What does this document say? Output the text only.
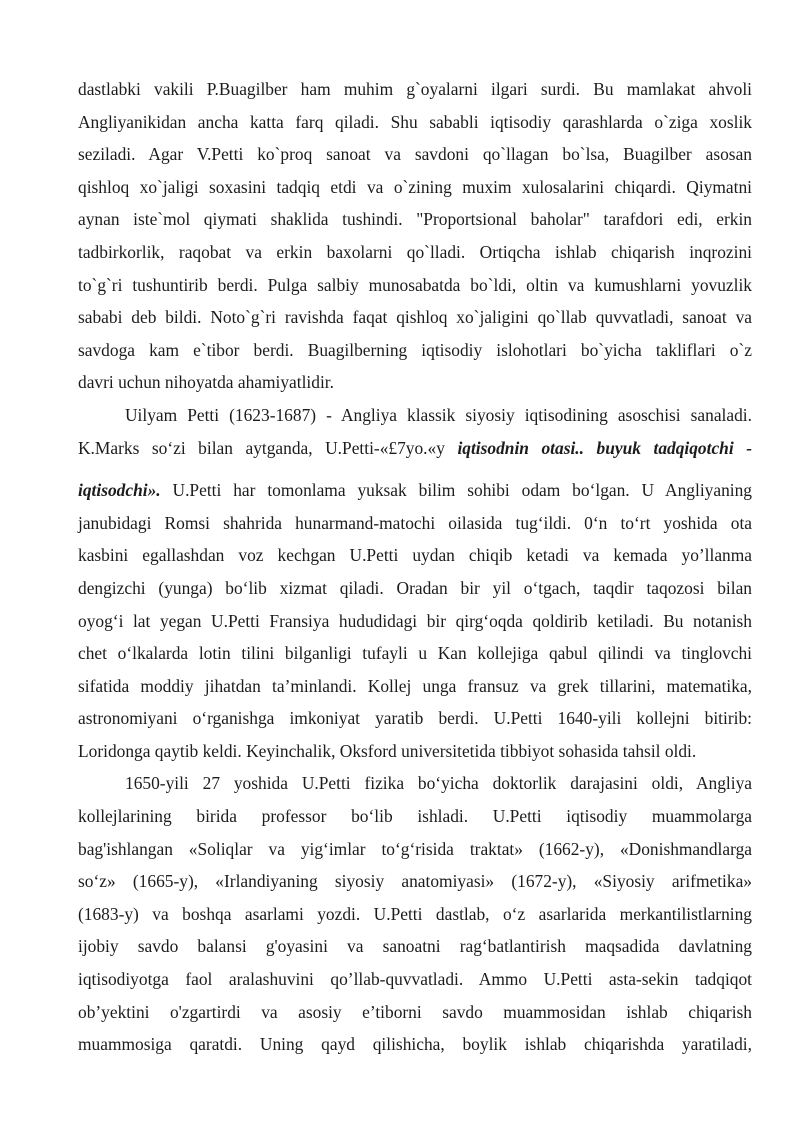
dastlabki vakili P.Buagilber ham muhim g`oyalarni ilgari surdi. Bu mamlakat ahvoli
Angliyanikidan ancha katta farq qiladi. Shu sababli iqtisodiy qarashlarda o`ziga xoslik
seziladi. Agar V.Petti ko`proq sanoat va savdoni qo`llagan bo`lsa, Buagilber asosan
qishloq xo`jaligi soxasini tadqiq etdi va o`zining muxim xulosalarini chiqardi. Qiymatni
aynan iste`mol qiymati shaklida tushindi. "Proportsional baholar" tarafdori edi, erkin
tadbirkorlik, raqobat va erkin baxolarni qo`lladi. Ortiqcha ishlab chiqarish inqrozini
to`g`ri tushuntirib berdi. Pulga salbiy munosabatda bo`ldi, oltin va kumushlarni yovuzlik
sababi deb bildi. Noto`g`ri ravishda faqat qishloq xo`jaligini qo`llab quvvatladi, sanoat va
savdoga kam e`tibor berdi. Buagilberning iqtisodiy islohotlari bo`yicha takliflari o`z
davri uchun nihoyatda ahamiyatlidir.
Uilyam Petti (1623-1687) - Angliya klassik siyosiy iqtisodining asoschisi sanaladi.
K.Marks so‘zi bilan aytganda, U.Petti-«£7yo.«y iqtisodnin otasi.. buyuk tadqiqotchi -
iqtisodchi». U.Petti har tomonlama yuksak bilim sohibi odam bo‘lgan. U Angliyaning
janubidagi Romsi shahrida hunarmand-matochi oilasida tug‘ildi. 0‘n to‘rt yoshida ota
kasbini egallashdan voz kechgan U.Petti uydan chiqib ketadi va kemada yo’llanma
dengizchi (yunga) bo‘lib xizmat qiladi. Oradan bir yil o‘tgach, taqdir taqozosi bilan
oyog‘i lat yegan U.Petti Fransiya hududidagi bir qirg‘oqda qoldirib ketiladi. Bu notanish
chet o‘lkalarda lotin tilini bilganligi tufayli u Kan kollejiga qabul qilindi va tinglovchi
sifatida moddiy jihatdan ta’minlandi. Kollej unga fransuz va grek tillarini, matematika,
astronomiyani o‘rganishga imkoniyat yaratib berdi. U.Petti 1640-yili kollejni bitirib:
Loridonga qaytib keldi. Keyinchalik, Oksford universitetida tibbiyot sohasida tahsil oldi.
1650-yili 27 yoshida U.Petti fizika bo‘yicha doktorlik darajasini oldi, Angliya
kollejlarining birida professor bo‘lib ishladi. U.Petti iqtisodiy muammolarga
bag'ishlangan «Soliqlar va yig‘imlar to‘g‘risida traktat» (1662-y), «Donishmandlarga
so‘z» (1665-y), «Irlandiyaning siyosiy anatomiyasi» (1672-y), «Siyosiy arifmetika»
(1683-y) va boshqa asarlami yozdi. U.Petti dastlab, o‘z asarlarida merkantilistlarning
ijobiy savdo balansi g'oyasini va sanoatni rag‘batlantirish maqsadida davlatning
iqtisodiyotga faol aralashuvini qo’llab-quvvatladi. Ammo U.Petti asta-sekin tadqiqot
ob’yektini o'zgartirdi va asosiy e’tiborni savdo muammosidan ishlab chiqarish
muammosiga qaratdi. Uning qayd qilishicha, boylik ishlab chiqarishda yaratiladi,
